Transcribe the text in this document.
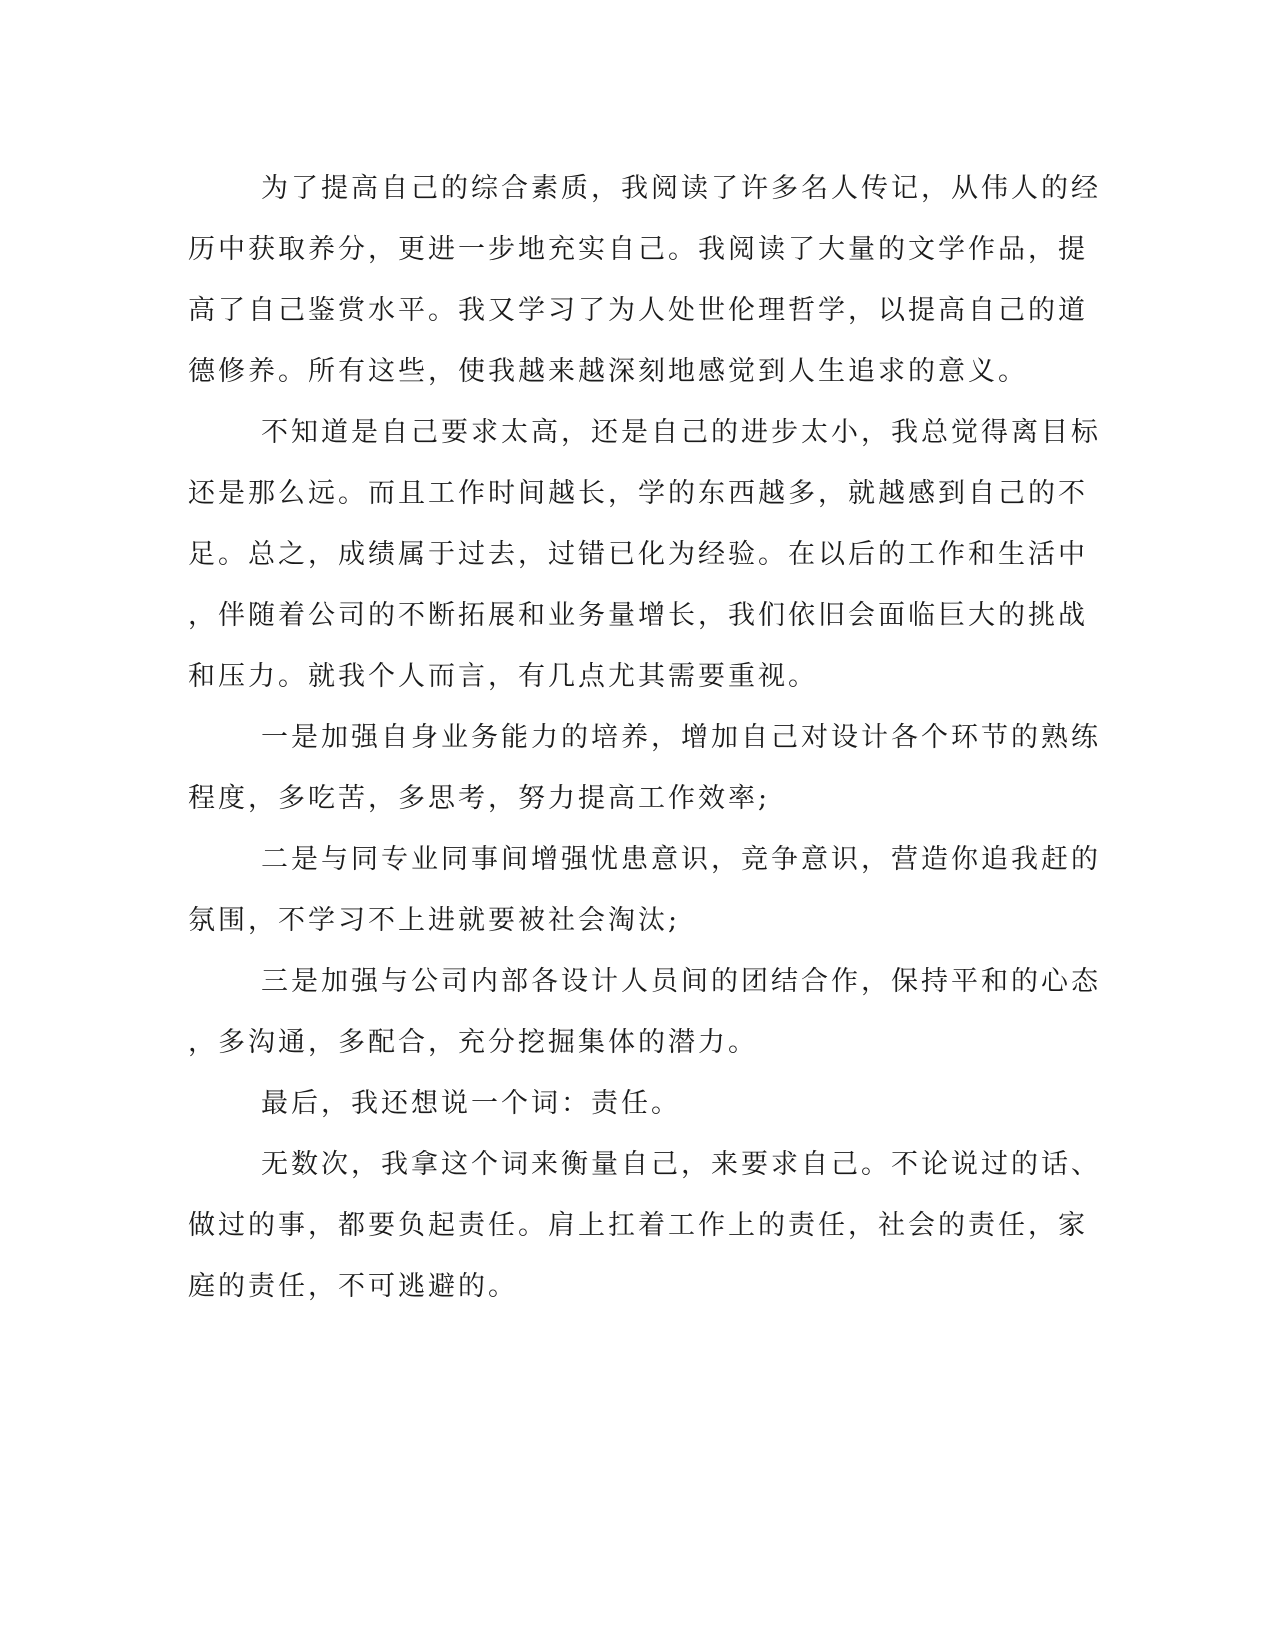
为了提高自己的综合素质，我阅读了许多名人传记，从伟人的经
历中获取养分，更进一步地充实自己。我阅读了大量的文学作品，提
高了自己鉴赏水平。我又学习了为人处世伦理哲学，以提高自己的道
德修养。所有这些，使我越来越深刻地感觉到人生追求的意义。
不知道是自己要求太高，还是自己的进步太小，我总觉得离目标
还是那么远。而且工作时间越长，学的东西越多，就越感到自己的不
足。总之，成绩属于过去，过错已化为经验。在以后的工作和生活中
，伴随着公司的不断拓展和业务量增长，我们依旧会面临巨大的挑战
和压力。就我个人而言，有几点尤其需要重视。
一是加强自身业务能力的培养，增加自己对设计各个环节的熟练
程度，多吃苦，多思考，努力提高工作效率;
二是与同专业同事间增强忧患意识，竞争意识，营造你追我赶的
氛围，不学习不上进就要被社会淘汰;
三是加强与公司内部各设计人员间的团结合作，保持平和的心态
，多沟通，多配合，充分挖掘集体的潜力。
最后，我还想说一个词：责任。
无数次，我拿这个词来衡量自己，来要求自己。不论说过的话、
做过的事，都要负起责任。肩上扛着工作上的责任，社会的责任，家
庭的责任，不可逃避的。
